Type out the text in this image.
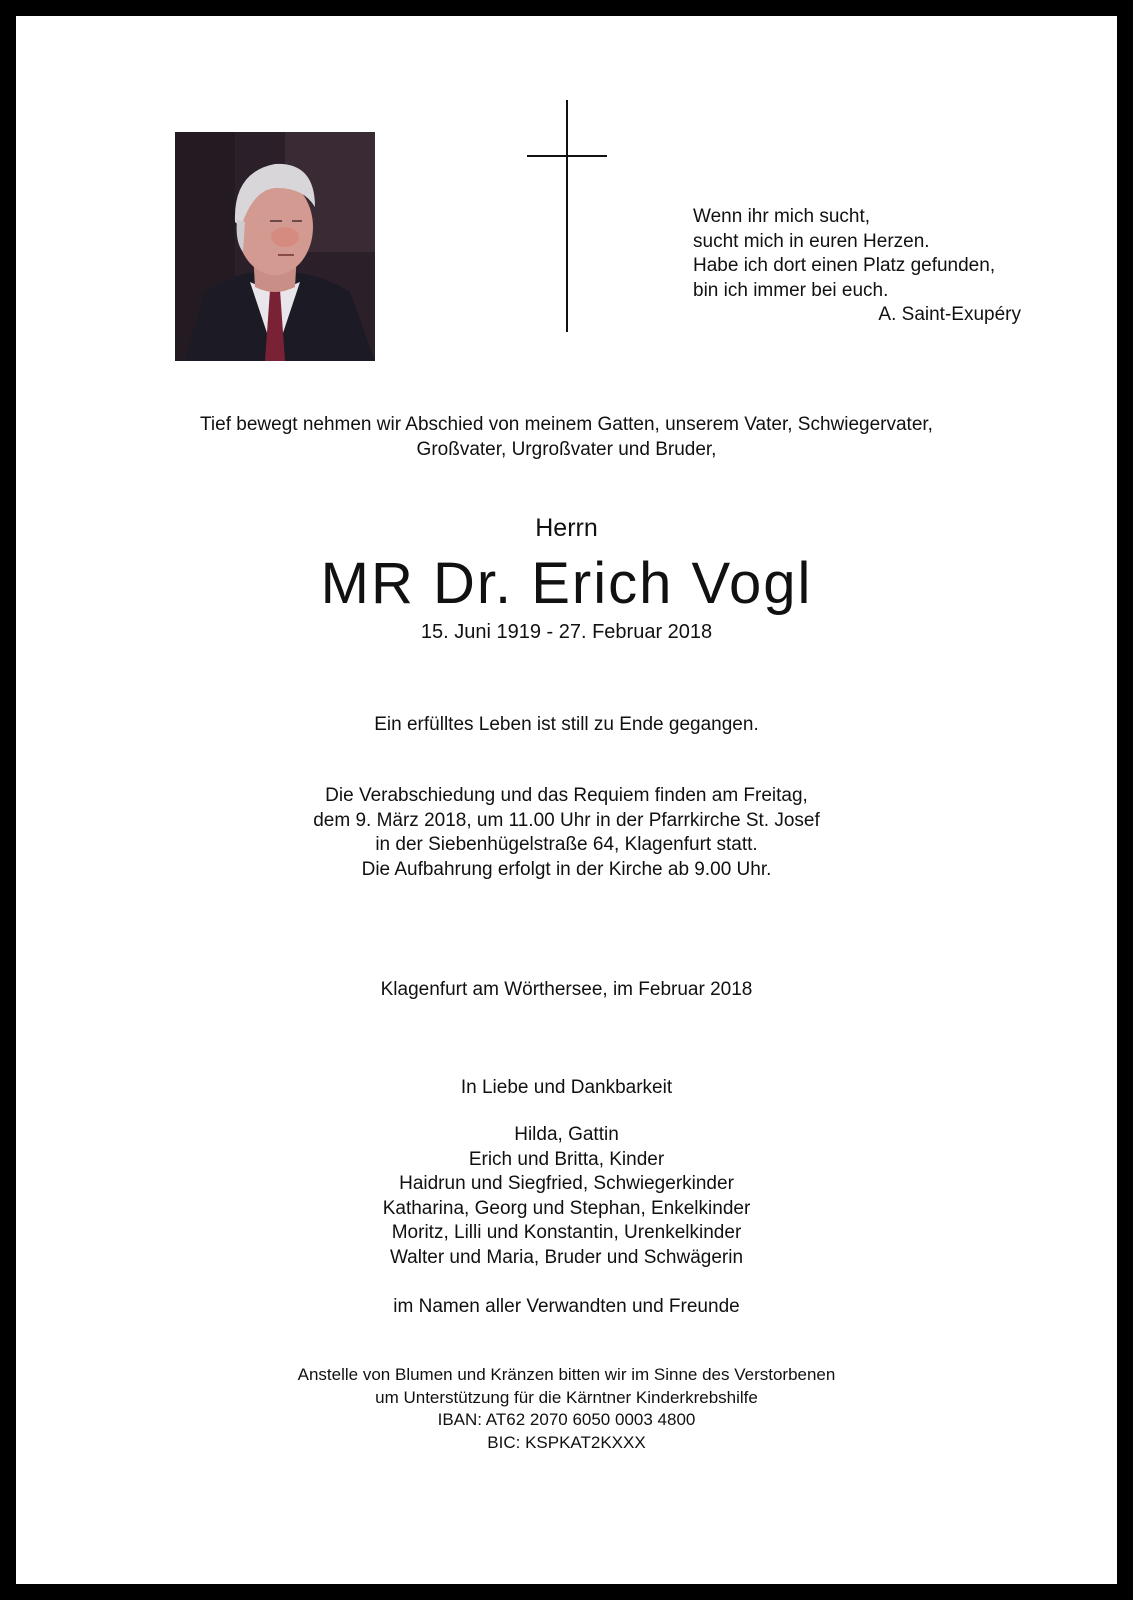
Wenn ihr mich sucht,
sucht mich in euren Herzen.
Habe ich dort einen Platz gefunden,
bin ich immer bei euch.
A. Saint-Exupéry
Tief bewegt nehmen wir Abschied von meinem Gatten, unserem Vater, Schwiegervater,
Großvater, Urgroßvater und Bruder,
Herrn
MR Dr. Erich Vogl
15. Juni 1919 - 27. Februar 2018
Ein erfülltes Leben ist still zu Ende gegangen.
Die Verabschiedung und das Requiem finden am Freitag,
dem 9. März 2018, um 11.00 Uhr in der Pfarrkirche St. Josef
in der Siebenhügelstraße 64, Klagenfurt statt.
Die Aufbahrung erfolgt in der Kirche ab 9.00 Uhr.
Klagenfurt am Wörthersee, im Februar 2018
In Liebe und Dankbarkeit
Hilda, Gattin
Erich und Britta, Kinder
Haidrun und Siegfried, Schwiegerkinder
Katharina, Georg und Stephan, Enkelkinder
Moritz, Lilli und Konstantin, Urenkelkinder
Walter und Maria, Bruder und Schwägerin
im Namen aller Verwandten und Freunde
Anstelle von Blumen und Kränzen bitten wir im Sinne des Verstorbenen
um Unterstützung für die Kärntner Kinderkrebshilfe
IBAN: AT62 2070 6050 0003 4800
BIC: KSPKAT2KXXX
